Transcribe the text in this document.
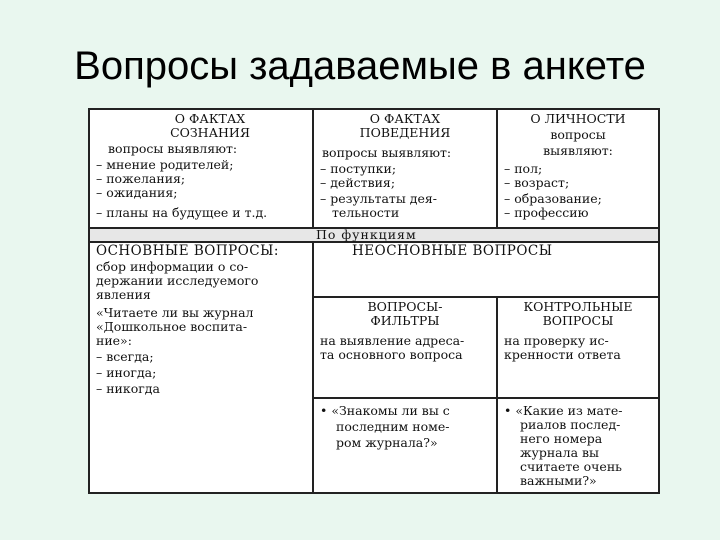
Вопросы задаваемые в анкете
О ФАКТАХ
СОЗНАНИЯ
вопросы выявляют:
– мнение родителей;
– пожелания;
– ожидания;
– планы на будущее и т.д.
О ФАКТАХ
ПОВЕДЕНИЯ
вопросы выявляют:
– поступки;
– действия;
– результаты дея-
тельности
О ЛИЧНОСТИ
вопросы
выявляют:
– пол;
– возраст;
– образование;
– профессию
По функциям
ОСНОВНЫЕ ВОПРОСЫ:
сбор информации о со-
держании исследуемого
явления
«Читаете ли вы журнал
«Дошкольное воспита-
ние»:
– всегда;
– иногда;
– никогда
НЕОСНОВНЫЕ ВОПРОСЫ
ВОПРОСЫ-
ФИЛЬТРЫ
на выявление адреса-
та основного вопроса
• «Знакомы ли вы с
последним номе-
ром журнала?»
КОНТРОЛЬНЫЕ
ВОПРОСЫ
на проверку ис-
кренности ответа
• «Какие из мате-
риалов послед-
него номера
журнала вы
считаете очень
важными?»
